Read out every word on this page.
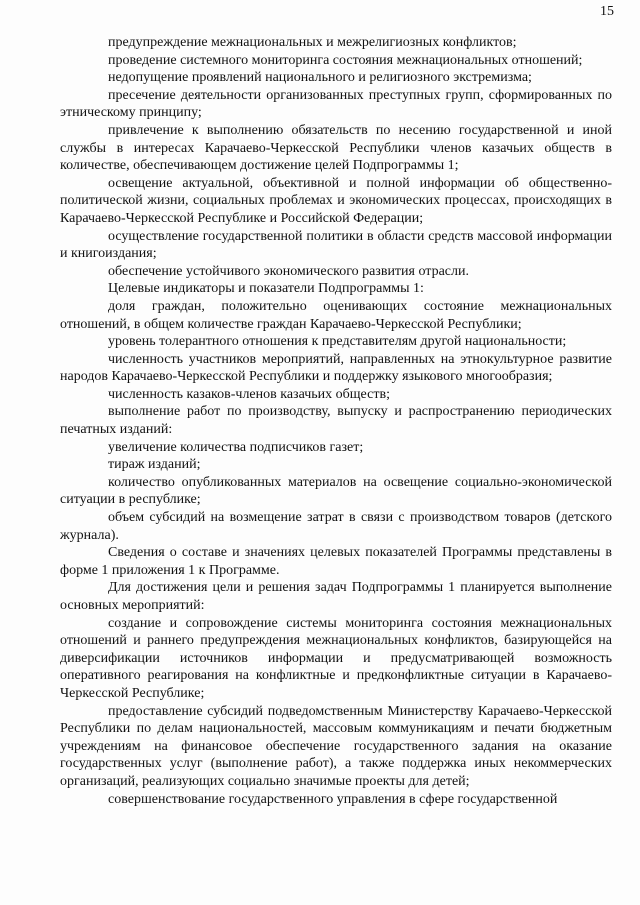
15

предупреждение межнациональных и межрелигиозных конфликтов;

проведение системного мониторинга состояния межнациональных отношений;

недопущение проявлений национального и религиозного экстремизма;

пресечение деятельности организованных преступных групп, сформированных по этническому принципу;

привлечение к выполнению обязательств по несению государственной и иной службы в интересах Карачаево-Черкесской Республики членов казачьих обществ в количестве, обеспечивающем достижение целей Подпрограммы 1;

освещение актуальной, объективной и полной информации об общественно-политической жизни, социальных проблемах и экономических процессах, происходящих в Карачаево-Черкесской Республике и Российской Федерации;

осуществление государственной политики в области средств массовой информации и книгоиздания;

обеспечение устойчивого экономического развития отрасли.

Целевые индикаторы и показатели Подпрограммы 1:

доля граждан, положительно оценивающих состояние межнациональных отношений, в общем количестве граждан Карачаево-Черкесской Республики;

уровень толерантного отношения к представителям другой национальности;

численность участников мероприятий, направленных на этнокультурное развитие народов Карачаево-Черкесской Республики и поддержку языкового многообразия;

численность казаков-членов казачьих обществ;

выполнение работ по производству, выпуску и распространению периодических печатных изданий:

увеличение количества подписчиков газет;

тираж изданий;

количество опубликованных материалов на освещение социально-экономической ситуации в республике;

объем субсидий на возмещение затрат в связи с производством товаров (детского журнала).

Сведения о составе и значениях целевых показателей Программы представлены в форме 1 приложения 1 к Программе.

Для достижения цели и решения задач Подпрограммы 1 планируется выполнение основных мероприятий:

создание и сопровождение системы мониторинга состояния межнациональных отношений и раннего предупреждения межнациональных конфликтов, базирующейся на диверсификации источников информации и предусматривающей возможность оперативного реагирования на конфликтные и предконфликтные ситуации в Карачаево-Черкесской Республике;

предоставление субсидий подведомственным Министерству Карачаево-Черкесской Республики по делам национальностей, массовым коммуникациям и печати бюджетным учреждениям на финансовое обеспечение государственного задания на оказание государственных услуг (выполнение работ), а также поддержка иных некоммерческих организаций, реализующих социально значимые проекты для детей;

совершенствование государственного управления в сфере государственной
